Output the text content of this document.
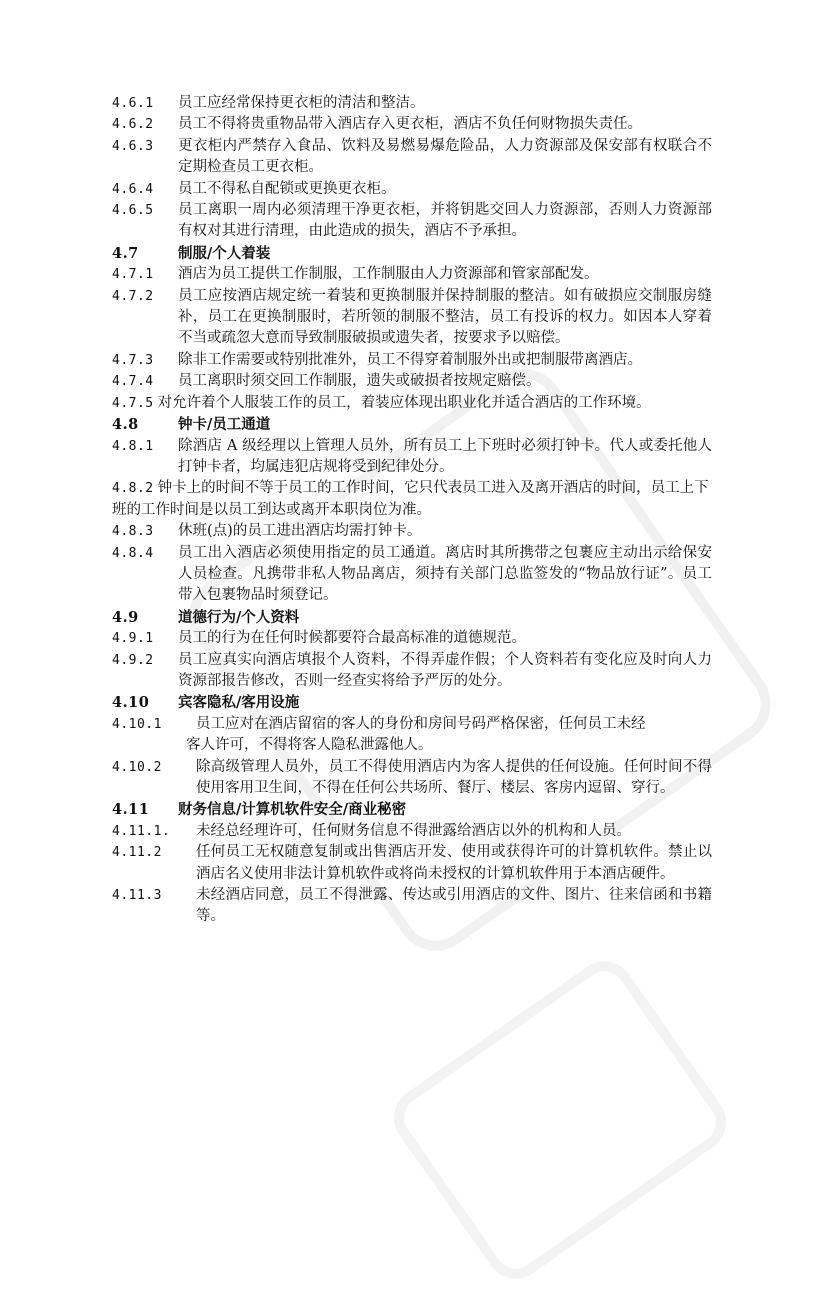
4.6.1	员工应经常保持更衣柜的清洁和整洁。
4.6.2	员工不得将贵重物品带入酒店存入更衣柜，酒店不负任何财物损失责任。
4.6.3	更衣柜内严禁存入食品、饮料及易燃易爆危险品，人力资源部及保安部有权联合不定期检查员工更衣柜。
4.6.4	员工不得私自配锁或更换更衣柜。
4.6.5	员工离职一周内必须清理干净更衣柜，并将钥匙交回人力资源部，否则人力资源部有权对其进行清理，由此造成的损失，酒店不予承担。
4.7	制服/个人着装
4.7.1	酒店为员工提供工作制服，工作制服由人力资源部和管家部配发。
4.7.2	员工应按酒店规定统一着装和更换制服并保持制服的整洁。如有破损应交制服房缝补，员工在更换制服时，若所领的制服不整洁，员工有投诉的权力。如因本人穿着不当或疏忽大意而导致制服破损或遗失者，按要求予以赔偿。
4.7.3	除非工作需要或特别批准外，员工不得穿着制服外出或把制服带离酒店。
4.7.4	员工离职时须交回工作制服，遗失或破损者按规定赔偿。
4.7.5 对允许着个人服装工作的员工，着装应体现出职业化并适合酒店的工作环境。
4.8	钟卡/员工通道
4.8.1	除酒店 A 级经理以上管理人员外，所有员工上下班时必须打钟卡。代人或委托他人打钟卡者，均属违犯店规将受到纪律处分。
4.8.2 钟卡上的时间不等于员工的工作时间，它只代表员工进入及离开酒店的时间，员工上下班的工作时间是以员工到达或离开本职岗位为准。
4.8.3	休班(点)的员工进出酒店均需打钟卡。
4.8.4	员工出入酒店必须使用指定的员工通道。离店时其所携带之包裹应主动出示给保安人员检查。凡携带非私人物品离店，须持有关部门总监签发的“物品放行证”。员工带入包裹物品时须登记。
4.9	道德行为/个人资料
4.9.1	员工的行为在任何时候都要符合最高标准的道德规范。
4.9.2	员工应真实向酒店填报个人资料，不得弄虚作假；个人资料若有变化应及时向人力资源部报告修改，否则一经查实将给予严厉的处分。
4.10	宾客隐私/客用设施
4.10.1	员工应对在酒店留宿的客人的身份和房间号码严格保密，任何员工未经
客人许可，不得将客人隐私泄露他人。
4.10.2	除高级管理人员外，员工不得使用酒店内为客人提供的任何设施。任何时间不得使用客用卫生间，不得在任何公共场所、餐厅、楼层、客房内逗留、穿行。
4.11	财务信息/计算机软件安全/商业秘密
4.11.1.	未经总经理许可，任何财务信息不得泄露给酒店以外的机构和人员。
4.11.2	任何员工无权随意复制或出售酒店开发、使用或获得许可的计算机软件。禁止以酒店名义使用非法计算机软件或将尚未授权的计算机软件用于本酒店硬件。
4.11.3	未经酒店同意，员工不得泄露、传达或引用酒店的文件、图片、往来信函和书籍等。
